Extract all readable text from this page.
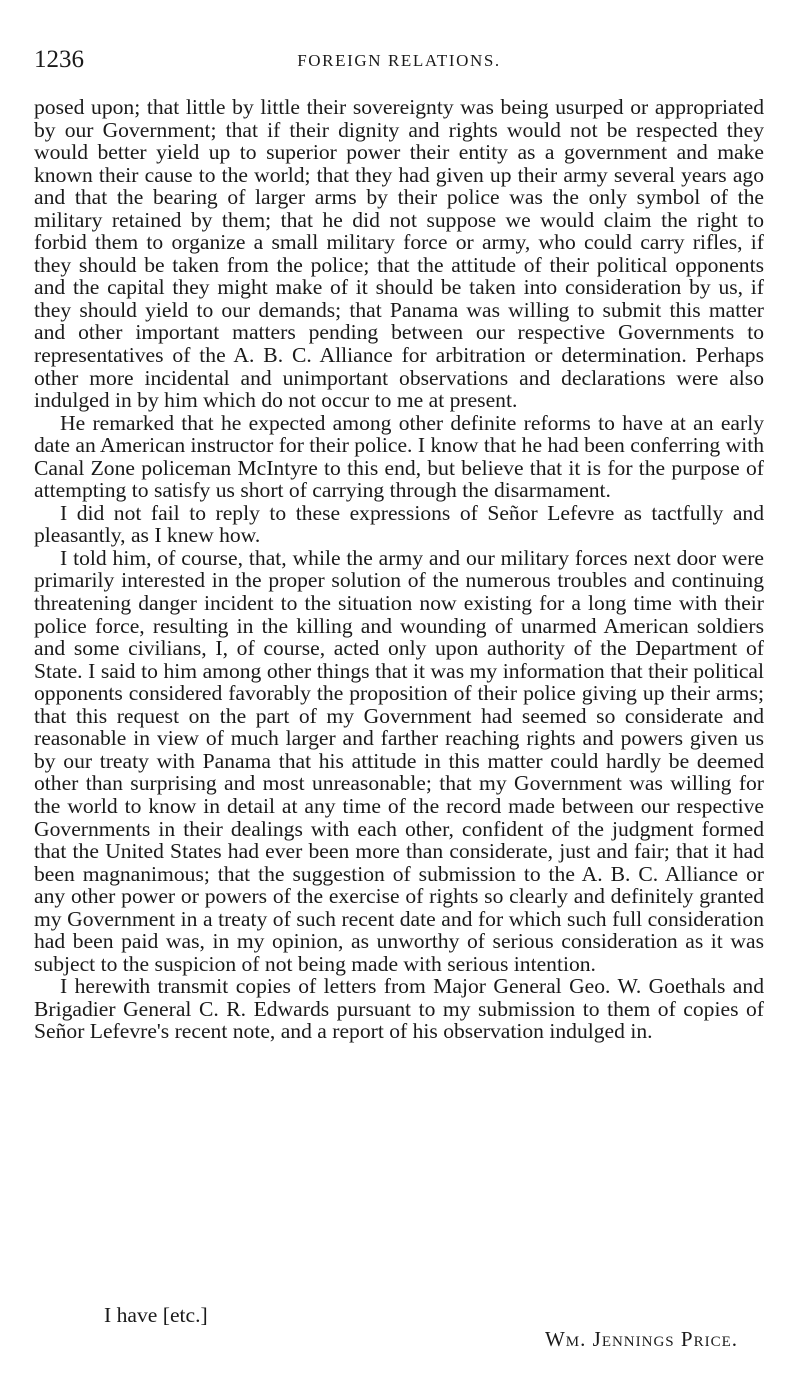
1236	FOREIGN RELATIONS.

posed upon; that little by little their sovereignty was being usurped or appropriated by our Government; that if their dignity and rights would not be respected they would better yield up to superior power their entity as a government and make known their cause to the world; that they had given up their army several years ago and that the bearing of larger arms by their police was the only symbol of the military retained by them; that he did not suppose we would claim the right to forbid them to organize a small military force or army, who could carry rifles, if they should be taken from the police; that the attitude of their political opponents and the capital they might make of it should be taken into consideration by us, if they should yield to our demands; that Panama was willing to submit this matter and other important matters pending between our respective Governments to representatives of the A. B. C. Alliance for arbitration or determination. Perhaps other more incidental and unimportant observations and declarations were also indulged in by him which do not occur to me at present.

He remarked that he expected among other definite reforms to have at an early date an American instructor for their police. I know that he had been conferring with Canal Zone policeman McIntyre to this end, but believe that it is for the purpose of attempting to satisfy us short of carrying through the disarmament.

I did not fail to reply to these expressions of Señor Lefevre as tactfully and pleasantly, as I knew how.

I told him, of course, that, while the army and our military forces next door were primarily interested in the proper solution of the numerous troubles and continuing threatening danger incident to the situation now existing for a long time with their police force, resulting in the killing and wounding of unarmed American soldiers and some civilians, I, of course, acted only upon authority of the Department of State. I said to him among other things that it was my information that their political opponents considered favorably the proposition of their police giving up their arms; that this request on the part of my Government had seemed so considerate and reasonable in view of much larger and farther reaching rights and powers given us by our treaty with Panama that his attitude in this matter could hardly be deemed other than surprising and most unreasonable; that my Government was willing for the world to know in detail at any time of the record made between our respective Governments in their dealings with each other, confident of the judgment formed that the United States had ever been more than considerate, just and fair; that it had been magnanimous; that the suggestion of submission to the A. B. C. Alliance or any other power or powers of the exercise of rights so clearly and definitely granted my Government in a treaty of such recent date and for which such full consideration had been paid was, in my opinion, as unworthy of serious consideration as it was subject to the suspicion of not being made with serious intention.

I herewith transmit copies of letters from Major General Geo. W. Goethals and Brigadier General C. R. Edwards pursuant to my submission to them of copies of Señor Lefevre's recent note, and a report of his observation indulged in.

I have [etc.]
Wm. Jennings Price.
